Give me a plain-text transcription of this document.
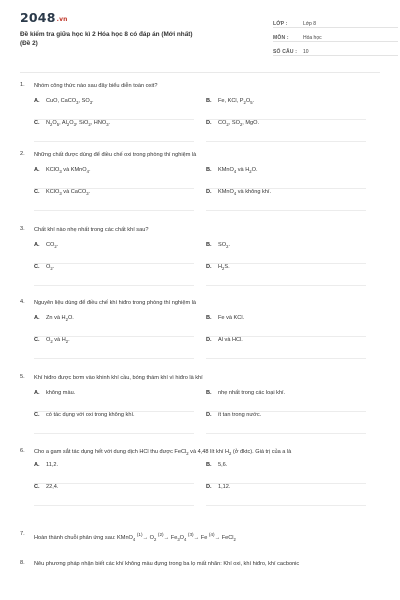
2048.vn
Đề kiểm tra giữa học kì 2 Hóa học 8 có đáp án (Mới nhất)
(Đề 2)
LỚP :	Lớp 8
MÔN :	Hóa học
SỐ CÂU :	10
1.	Nhóm công thức nào sau đây biểu diễn toàn oxit?
A.	CuO, CaCO$_3$, $SO_3$.	B.	Fe, KCl, $P_2O_5$.
C.	$N_2O_5$, $Al_2O_3$, SiO$_2$, $HNO_3$.	D.	$CO_2$, $SO_2$, MgO.
2.	Những chất được dùng để điều chế oxi trong phòng thí nghiệm là
A.	KClO$_3$ và KMnO$_4$.	B.	KMnO$_4$ và $H_2O$.
C.	KClO$_3$ và CaCO$_3$.	D.	KMnO$_4$ và không khí.
3.	Chất khí nào nhẹ nhất trong các chất khí sau?
A.	$CO_2$.	B.	$SO_2$.
C.	$O_2$.	D.	$H_2S$.
4.	Nguyên liệu dùng để điều chế khí hiđro trong phòng thí nghiệm là
A.	Zn và $H_2O$.	B.	Fe và KCl.
C.	$O_2$ và $H_2$.	D.	Al và HCl.
5.	Khí hiđro được bơm vào khinh khí cầu, bóng thám khí vì hiđro là khí
A.	không màu.	B.	nhẹ nhất trong các loại khí.
C.	có tác dụng với oxi trong không khí.	D.	ít tan trong nước.
6.	Cho a gam sắt tác dụng hết với dung dịch HCl thu được FeCl$_2$ và 4,48 lít khí $H_2$ (ở đktc). Giá trị của a là
A.	11,2.	B.	5,6.
C.	22,4.	D.	1,12.
7.
Hoàn thành chuỗi phản ứng sau: KMnO$_4$ $^{(1)}\to O_2$ $^{(2)}\to Fe_3O_4$ $^{(3)}$→ Fe $^{(4)}$→ FeCl$_2$
8.	Nêu phương pháp nhận biết các khí không màu đựng trong ba lọ mất nhãn: Khí oxi, khí hiđro, khí cacbonic
